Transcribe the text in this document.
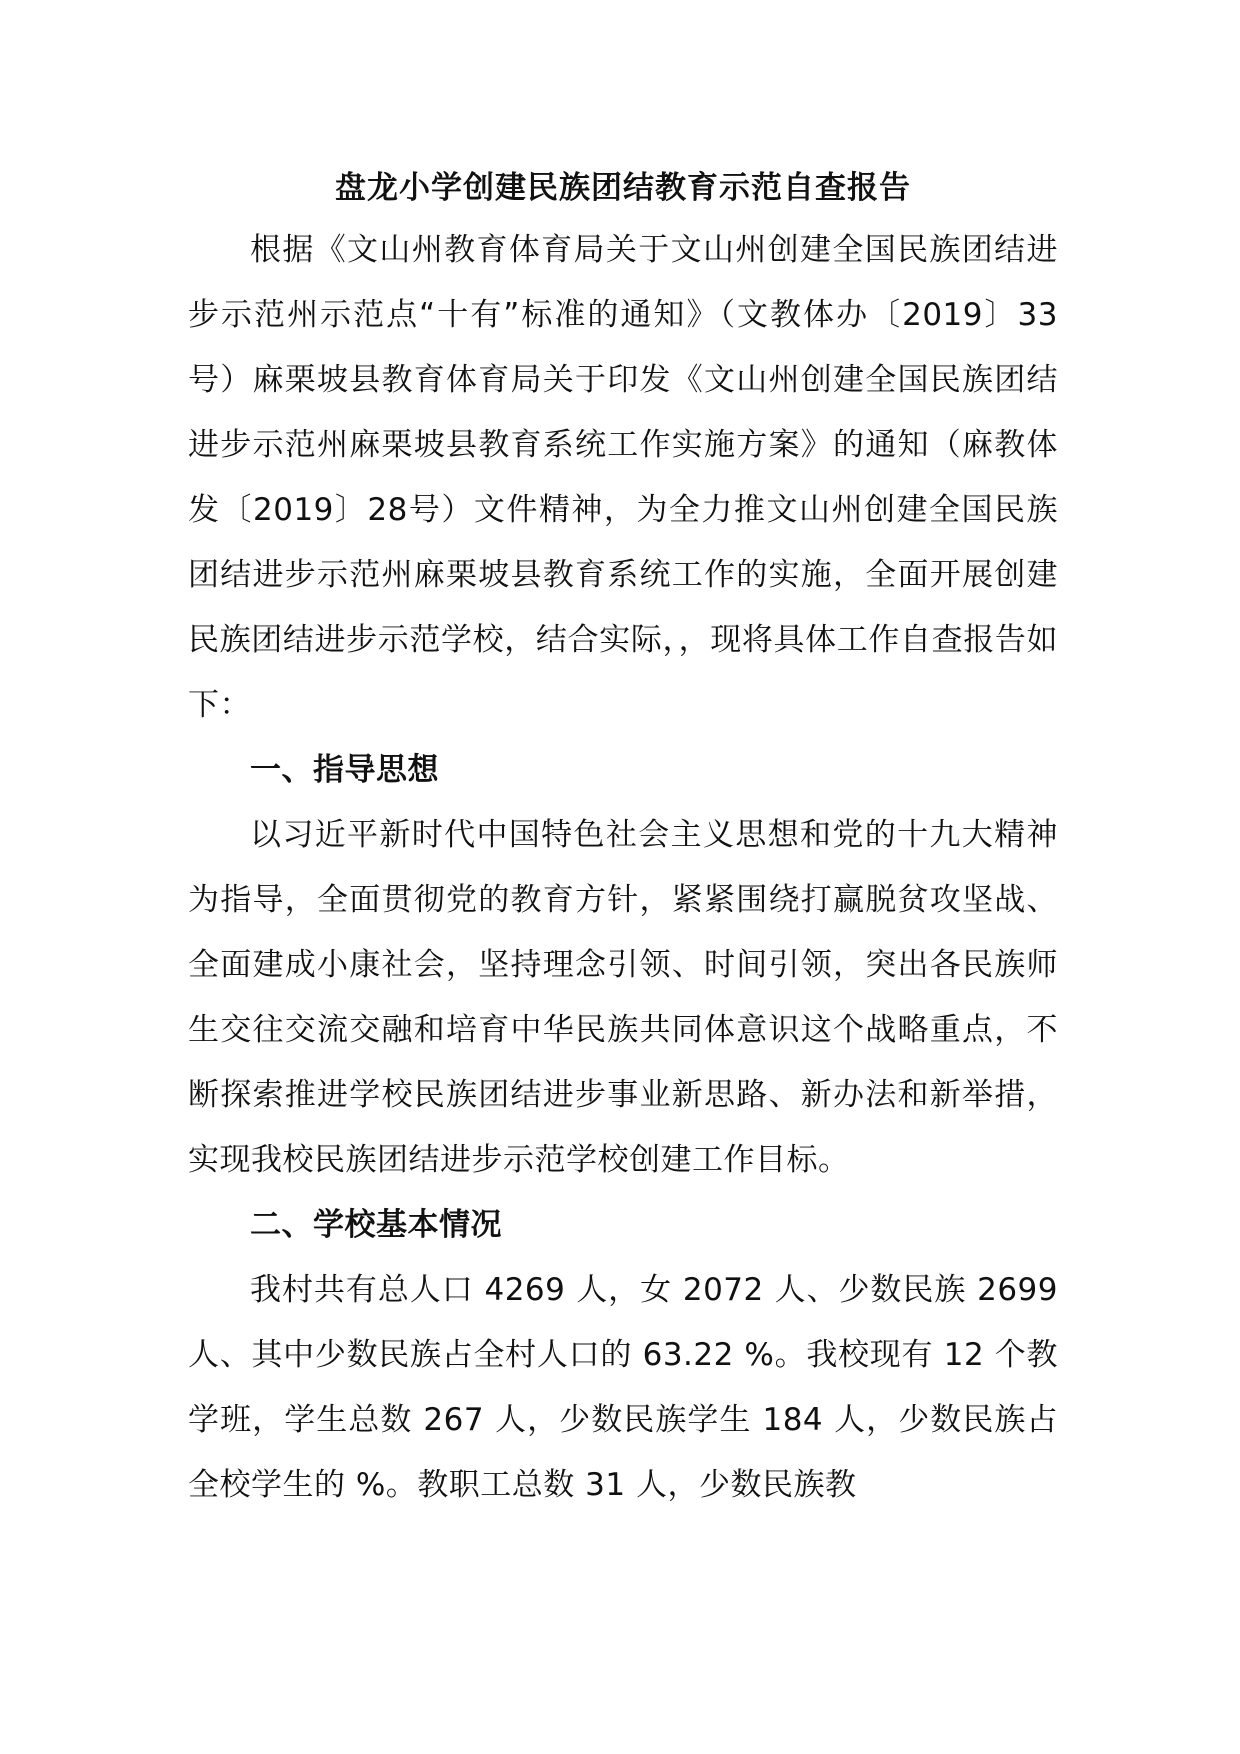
盘龙小学创建民族团结教育示范自查报告

根据《文山州教育体育局关于文山州创建全国民族团结进步示范州示范点“十有”标准的通知》（文教体办〔2019〕33号）麻栗坡县教育体育局关于印发《文山州创建全国民族团结进步示范州麻栗坡县教育系统工作实施方案》的通知（麻教体发〔2019〕28号）文件精神，为全力推文山州创建全国民族团结进步示范州麻栗坡县教育系统工作的实施，全面开展创建民族团结进步示范学校，结合实际，，现将具体工作自查报告如下：

一、指导思想

以习近平新时代中国特色社会主义思想和党的十九大精神为指导，全面贯彻党的教育方针，紧紧围绕打赢脱贫攻坚战、全面建成小康社会，坚持理念引领、时间引领，突出各民族师生交往交流交融和培育中华民族共同体意识这个战略重点，不断探索推进学校民族团结进步事业新思路、新办法和新举措，实现我校民族团结进步示范学校创建工作目标。

二、学校基本情况

我村共有总人口 4269 人，女 2072 人、少数民族 2699 人、其中少数民族占全村人口的 63.22 %。我校现有 12 个教学班，学生总数 267 人，少数民族学生 184 人，少数民族占全校学生的 %。教职工总数 31 人，少数民族教
